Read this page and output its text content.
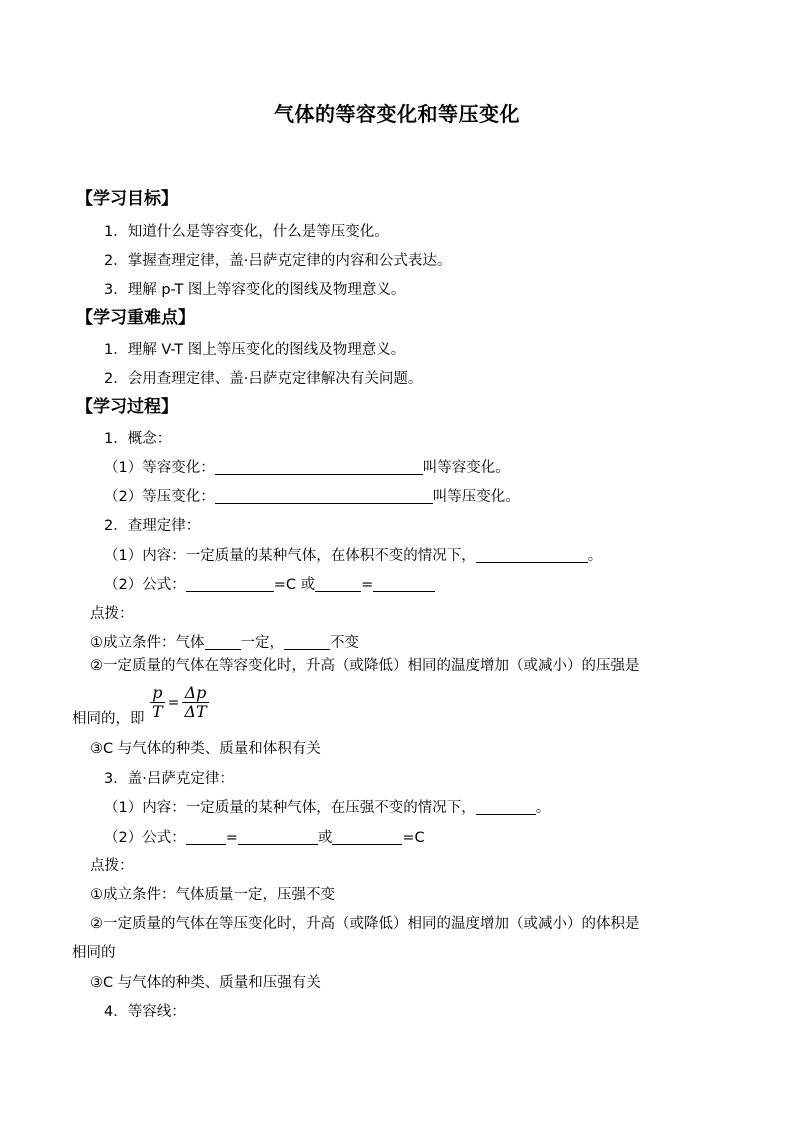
气体的等容变化和等压变化
【学习目标】
1．知道什么是等容变化，什么是等压变化。
2．掌握查理定律，盖·吕萨克定律的内容和公式表达。
3．理解 p-T 图上等容变化的图线及物理意义。
【学习重难点】
1．理解 V-T 图上等压变化的图线及物理意义。
2．会用查理定律、盖·吕萨克定律解决有关问题。
【学习过程】
1．概念：
（1）等容变化：	叫等容变化。
（2）等压变化：	叫等压变化。
2．查理定律：
（1）内容：一定质量的某种气体，在体积不变的情况下，	。
（2）公式：	=C 或	=
点拨：
①成立条件：气体 一定，	不变
②一定质量的气体在等容变化时，升高（或降低）相同的温度增加（或减小）的压强是
$\frac{p}{T} = \frac{\Delta p}{\Delta T}$
相同的，即
③C 与气体的种类、质量和体积有关
3．盖·吕萨克定律：
（1）内容：一定质量的某种气体，在压强不变的情况下，	。
（2）公式：	=	或	=C
点拨：
①成立条件：气体质量一定，压强不变
②一定质量的气体在等压变化时，升高（或降低）相同的温度增加（或减小）的体积是
相同的
③C 与气体的种类、质量和压强有关
4．等容线：
